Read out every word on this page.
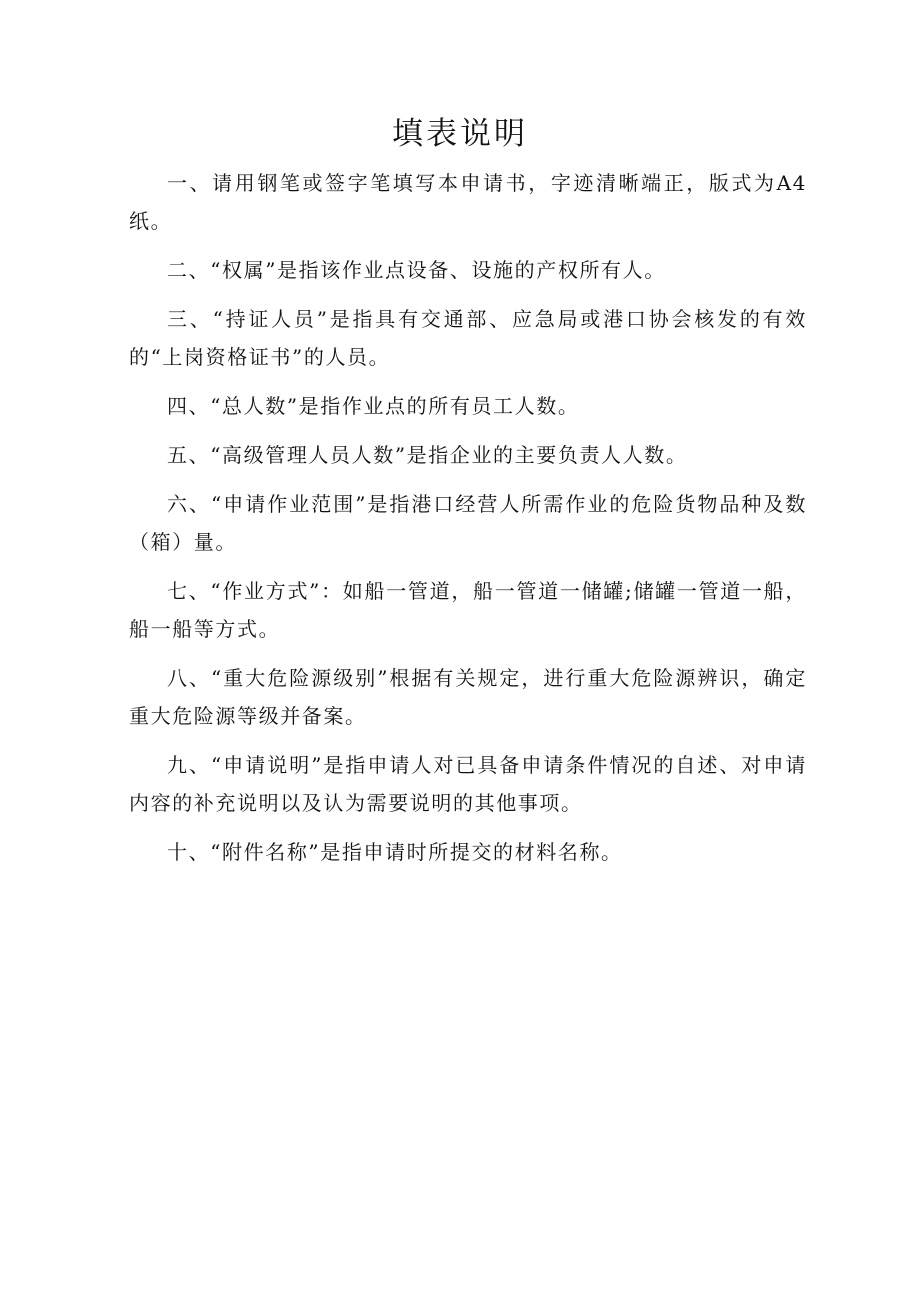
填表说明

一、请用钢笔或签字笔填写本申请书，字迹清晰端正，版式为A4纸。

二、“权属”是指该作业点设备、设施的产权所有人。

三、“持证人员”是指具有交通部、应急局或港口协会核发的有效的“上岗资格证书”的人员。

四、“总人数”是指作业点的所有员工人数。

五、“高级管理人员人数”是指企业的主要负责人人数。

六、“申请作业范围”是指港口经营人所需作业的危险货物品种及数（箱）量。

七、“作业方式”：如船一管道，船一管道一储罐;储罐一管道一船，船一船等方式。

八、“重大危险源级别”根据有关规定，进行重大危险源辨识，确定重大危险源等级并备案。

九、“申请说明”是指申请人对已具备申请条件情况的自述、对申请内容的补充说明以及认为需要说明的其他事项。

十、“附件名称”是指申请时所提交的材料名称。
